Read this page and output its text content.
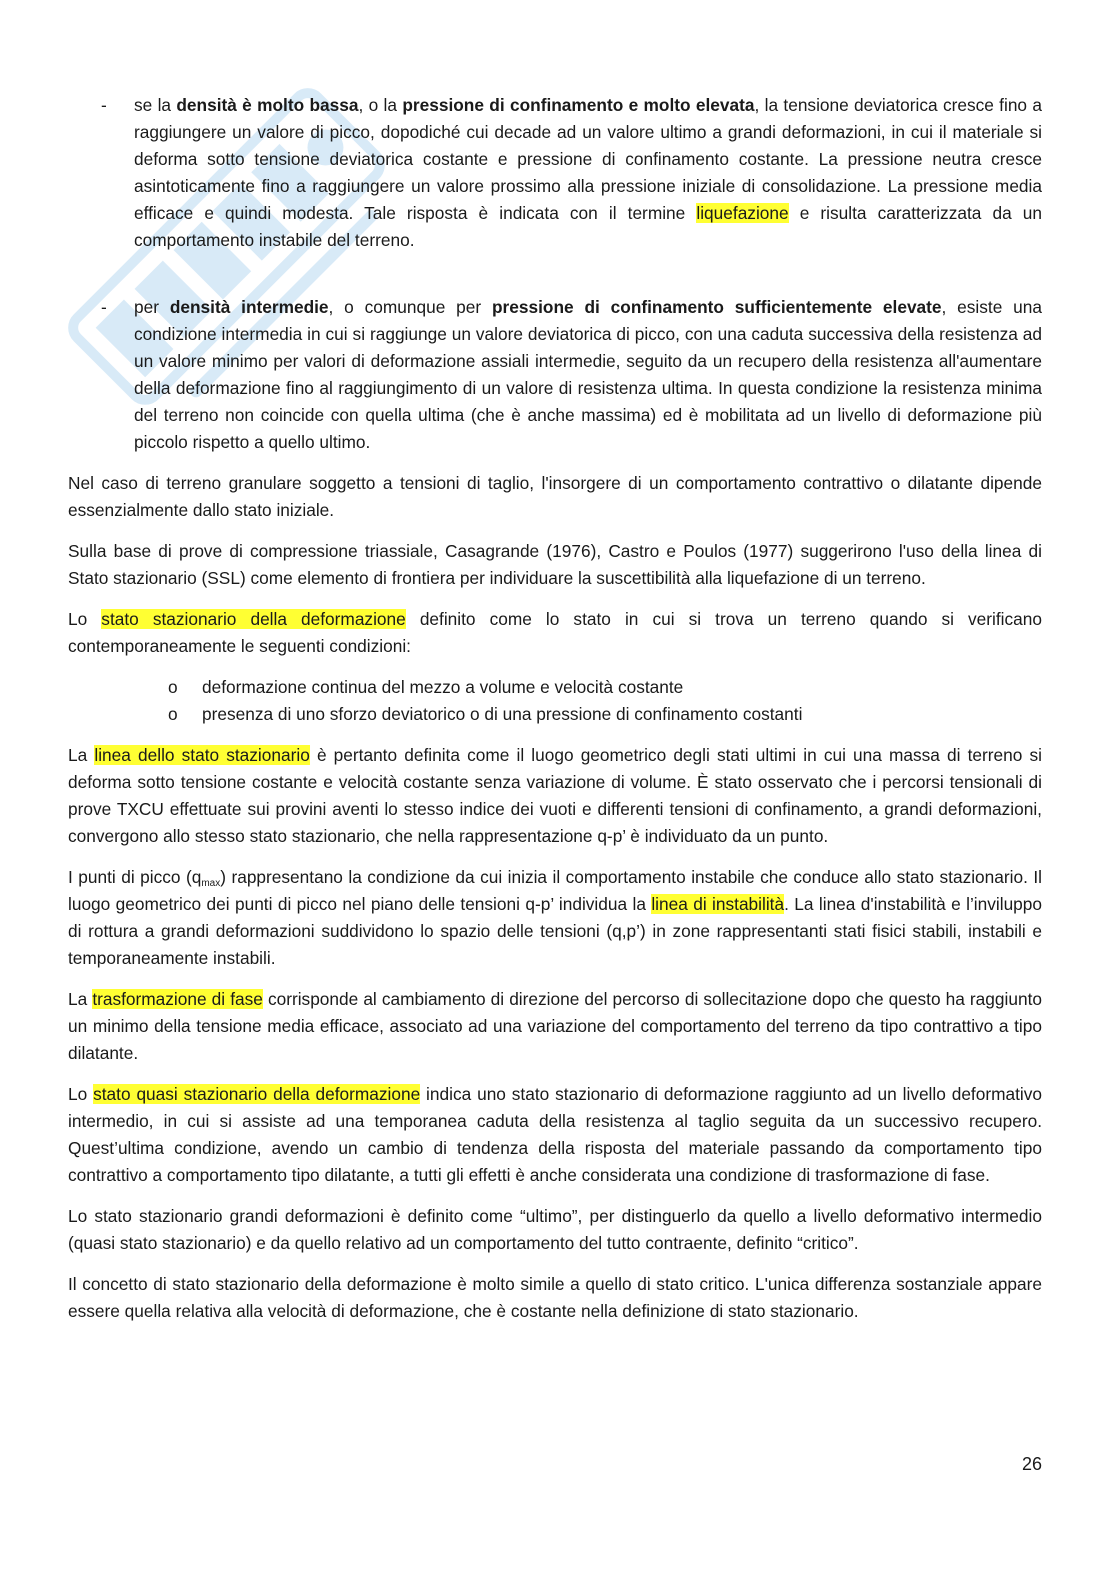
- se la densità è molto bassa, o la pressione di confinamento e molto elevata, la tensione deviatorica cresce fino a raggiungere un valore di picco, dopodiché cui decade ad un valore ultimo a grandi deformazioni, in cui il materiale si deforma sotto tensione deviatorica costante e pressione di confinamento costante. La pressione neutra cresce asintoticamente fino a raggiungere un valore prossimo alla pressione iniziale di consolidazione. La pressione media efficace e quindi modesta. Tale risposta è indicata con il termine liquefazione e risulta caratterizzata da un comportamento instabile del terreno.
- per densità intermedie, o comunque per pressione di confinamento sufficientemente elevate, esiste una condizione intermedia in cui si raggiunge un valore deviatorica di picco, con una caduta successiva della resistenza ad un valore minimo per valori di deformazione assiali intermedie, seguito da un recupero della resistenza all'aumentare della deformazione fino al raggiungimento di un valore di resistenza ultima. In questa condizione la resistenza minima del terreno non coincide con quella ultima (che è anche massima) ed è mobilitata ad un livello di deformazione più piccolo rispetto a quello ultimo.

Nel caso di terreno granulare soggetto a tensioni di taglio, l'insorgere di un comportamento contrattivo o dilatante dipende essenzialmente dallo stato iniziale.

Sulla base di prove di compressione triassiale, Casagrande (1976), Castro e Poulos (1977) suggerirono l'uso della linea di Stato stazionario (SSL) come elemento di frontiera per individuare la suscettibilità alla liquefazione di un terreno.

Lo stato stazionario della deformazione definito come lo stato in cui si trova un terreno quando si verificano contemporaneamente le seguenti condizioni:

o deformazione continua del mezzo a volume e velocità costante
o presenza di uno sforzo deviatorico o di una pressione di confinamento costanti

La linea dello stato stazionario è pertanto definita come il luogo geometrico degli stati ultimi in cui una massa di terreno si deforma sotto tensione costante e velocità costante senza variazione di volume. È stato osservato che i percorsi tensionali di prove TXCU effettuate sui provini aventi lo stesso indice dei vuoti e differenti tensioni di confinamento, a grandi deformazioni, convergono allo stesso stato stazionario, che nella rappresentazione q-p’ è individuato da un punto.

I punti di picco $(q_{max})$ rappresentano la condizione da cui inizia il comportamento instabile che conduce allo stato stazionario. Il luogo geometrico dei punti di picco nel piano delle tensioni q-p’ individua la linea di instabilità. La linea d'instabilità e l’inviluppo di rottura a grandi deformazioni suddividono lo spazio delle tensioni (q,p’) in zone rappresentanti stati fisici stabili, instabili e temporaneamente instabili.

La trasformazione di fase corrisponde al cambiamento di direzione del percorso di sollecitazione dopo che questo ha raggiunto un minimo della tensione media efficace, associato ad una variazione del comportamento del terreno da tipo contrattivo a tipo dilatante.

Lo stato quasi stazionario della deformazione indica uno stato stazionario di deformazione raggiunto ad un livello deformativo intermedio, in cui si assiste ad una temporanea caduta della resistenza al taglio seguita da un successivo recupero. Quest’ultima condizione, avendo un cambio di tendenza della risposta del materiale passando da comportamento tipo contrattivo a comportamento tipo dilatante, a tutti gli effetti è anche considerata una condizione di trasformazione di fase.

Lo stato stazionario grandi deformazioni è definito come “ultimo”, per distinguerlo da quello a livello deformativo intermedio (quasi stato stazionario) e da quello relativo ad un comportamento del tutto contraente, definito “critico”.

Il concetto di stato stazionario della deformazione è molto simile a quello di stato critico. L'unica differenza sostanziale appare essere quella relativa alla velocità di deformazione, che è costante nella definizione di stato stazionario.

26
